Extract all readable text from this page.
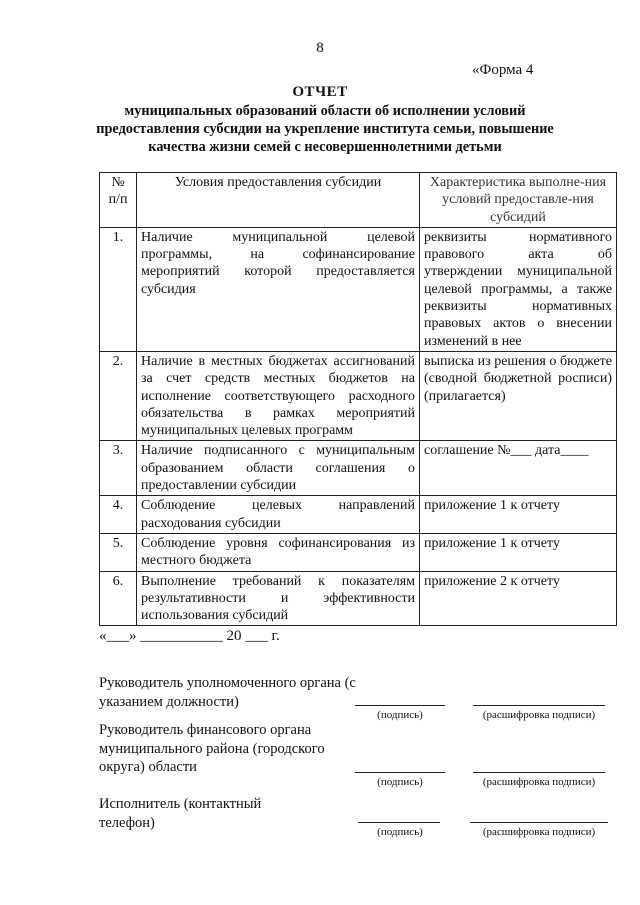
8
«Форма 4
ОТЧЕТ
муниципальных образований области об исполнении условий предоставления субсидии на укрепление института семьи, повышение качества жизни семей с несовершеннолетними детьми
№ п/п	Условия предоставления субсидии	Характеристика выполне-ния условий предоставле-ния субсидий
1.	Наличие муниципальной целевой программы, на софинансирование мероприятий которой предоставляется субсидия	реквизиты нормативного правового акта об утверждении муниципальной целевой программы, а также реквизиты нормативных правовых актов о внесении изменений в нее
2.	Наличие в местных бюджетах ассигнований за счет средств местных бюджетов на исполнение соответствующего расходного обязательства в рамках мероприятий муниципальных целевых программ	выписка из решения о бюджете (сводной бюджетной росписи) (прилагается)
3.	Наличие подписанного с муниципальным образованием области соглашения о предоставлении субсидии	соглашение №___ дата____
4.	Соблюдение целевых направлений расходования субсидии	приложение 1 к отчету
5.	Соблюдение уровня софинансирования из местного бюджета	приложение 1 к отчету
6.	Выполнение требований к показателям результативности и эффективности использования субсидий	приложение 2 к отчету
«___» ___________ 20 ___ г.
Руководитель уполномоченного органа (с указанием должности)
(подпись)	(расшифровка подписи)
Руководитель финансового органа муниципального района (городского округа) области
(подпись)	(расшифровка подписи)
Исполнитель (контактный телефон)
(подпись)	(расшифровка подписи)
